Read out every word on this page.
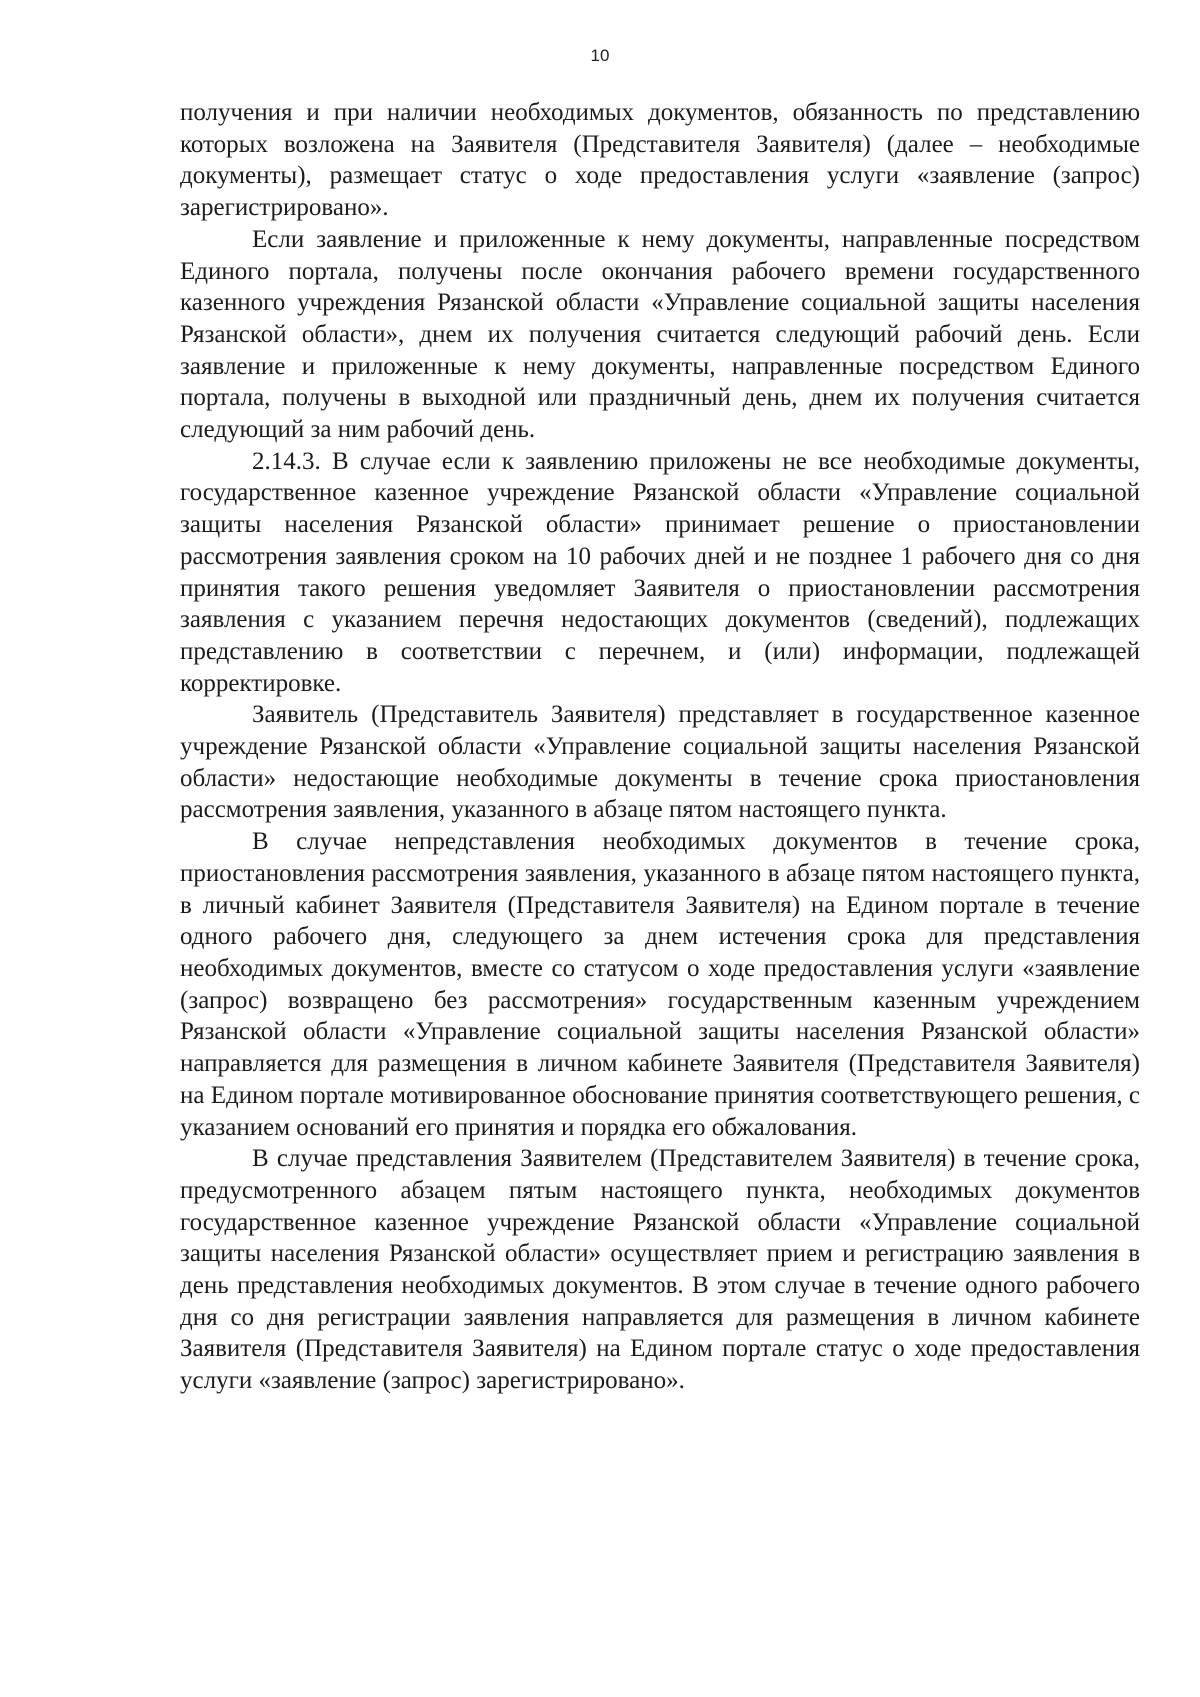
10

получения и при наличии необходимых документов, обязанность по представлению которых возложена на Заявителя (Представителя Заявителя) (далее – необходимые документы), размещает статус о ходе предоставления услуги «заявление (запрос) зарегистрировано».

Если заявление и приложенные к нему документы, направленные посредством Единого портала, получены после окончания рабочего времени государственного казенного учреждения Рязанской области «Управление социальной защиты населения Рязанской области», днем их получения считается следующий рабочий день. Если заявление и приложенные к нему документы, направленные посредством Единого портала, получены в выходной или праздничный день, днем их получения считается следующий за ним рабочий день.

2.14.3. В случае если к заявлению приложены не все необходимые документы, государственное казенное учреждение Рязанской области «Управление социальной защиты населения Рязанской области» принимает решение о приостановлении рассмотрения заявления сроком на 10 рабочих дней и не позднее 1 рабочего дня со дня принятия такого решения уведомляет Заявителя о приостановлении рассмотрения заявления с указанием перечня недостающих документов (сведений), подлежащих представлению в соответствии с перечнем, и (или) информации, подлежащей корректировке.

Заявитель (Представитель Заявителя) представляет в государственное казенное учреждение Рязанской области «Управление социальной защиты населения Рязанской области» недостающие необходимые документы в течение срока приостановления рассмотрения заявления, указанного в абзаце пятом настоящего пункта.

В случае непредставления необходимых документов в течение срока, приостановления рассмотрения заявления, указанного в абзаце пятом настоящего пункта, в личный кабинет Заявителя (Представителя Заявителя) на Едином портале в течение одного рабочего дня, следующего за днем истечения срока для представления необходимых документов, вместе со статусом о ходе предоставления услуги «заявление (запрос) возвращено без рассмотрения» государственным казенным учреждением Рязанской области «Управление социальной защиты населения Рязанской области» направляется для размещения в личном кабинете Заявителя (Представителя Заявителя) на Едином портале мотивированное обоснование принятия соответствующего решения, с указанием оснований его принятия и порядка его обжалования.

В случае представления Заявителем (Представителем Заявителя) в течение срока, предусмотренного абзацем пятым настоящего пункта, необходимых документов государственное казенное учреждение Рязанской области «Управление социальной защиты населения Рязанской области» осуществляет прием и регистрацию заявления в день представления необходимых документов. В этом случае в течение одного рабочего дня со дня регистрации заявления направляется для размещения в личном кабинете Заявителя (Представителя Заявителя) на Едином портале статус о ходе предоставления услуги «заявление (запрос) зарегистрировано».
